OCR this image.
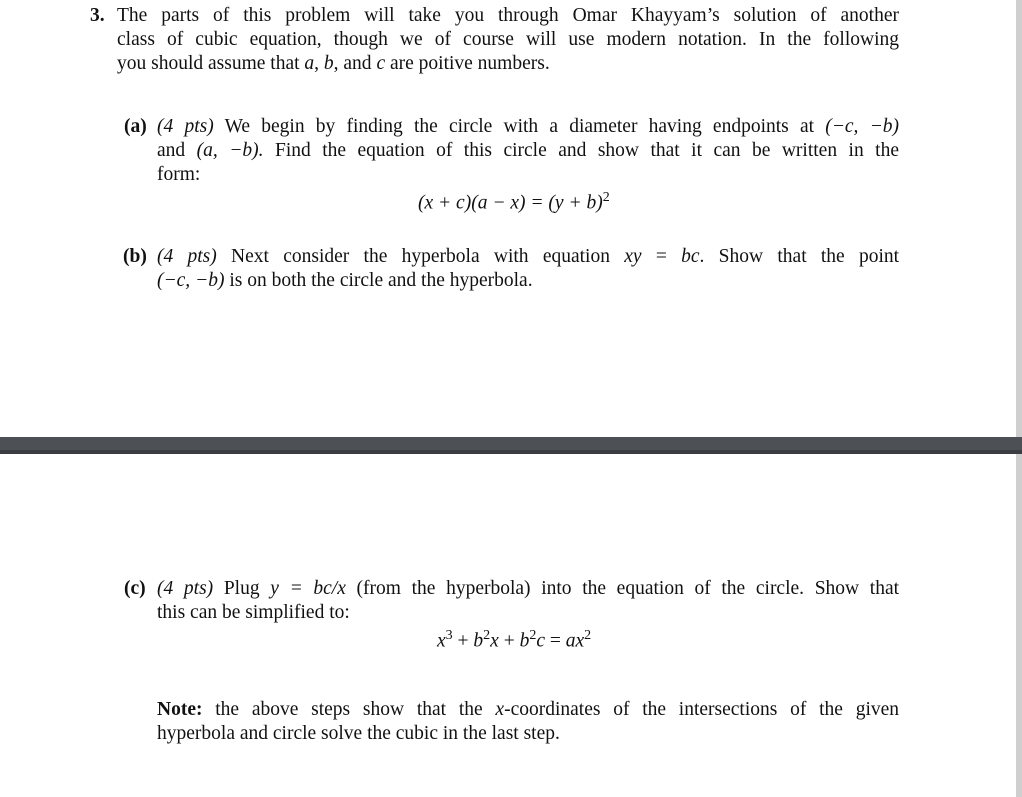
3. The parts of this problem will take you through Omar Khayyam’s solution of another
class of cubic equation, though we of course will use modern notation. In the following
you should assume that a, b, and c are poitive numbers.
(a) (4 pts) We begin by finding the circle with a diameter having endpoints at (−c, −b)
and (a, −b). Find the equation of this circle and show that it can be written in the
form:
$(x + c)(a - x) = (y + b)^2$
(b) (4 pts) Next consider the hyperbola with equation xy = bc. Show that the point
(−c, −b) is on both the circle and the hyperbola.
(c) (4 pts) Plug y = bc/x (from the hyperbola) into the equation of the circle. Show that
this can be simplified to:
$x^3 + b^2x + b^2c = ax^2$
Note: the above steps show that the x-coordinates of the intersections of the given
hyperbola and circle solve the cubic in the last step.
